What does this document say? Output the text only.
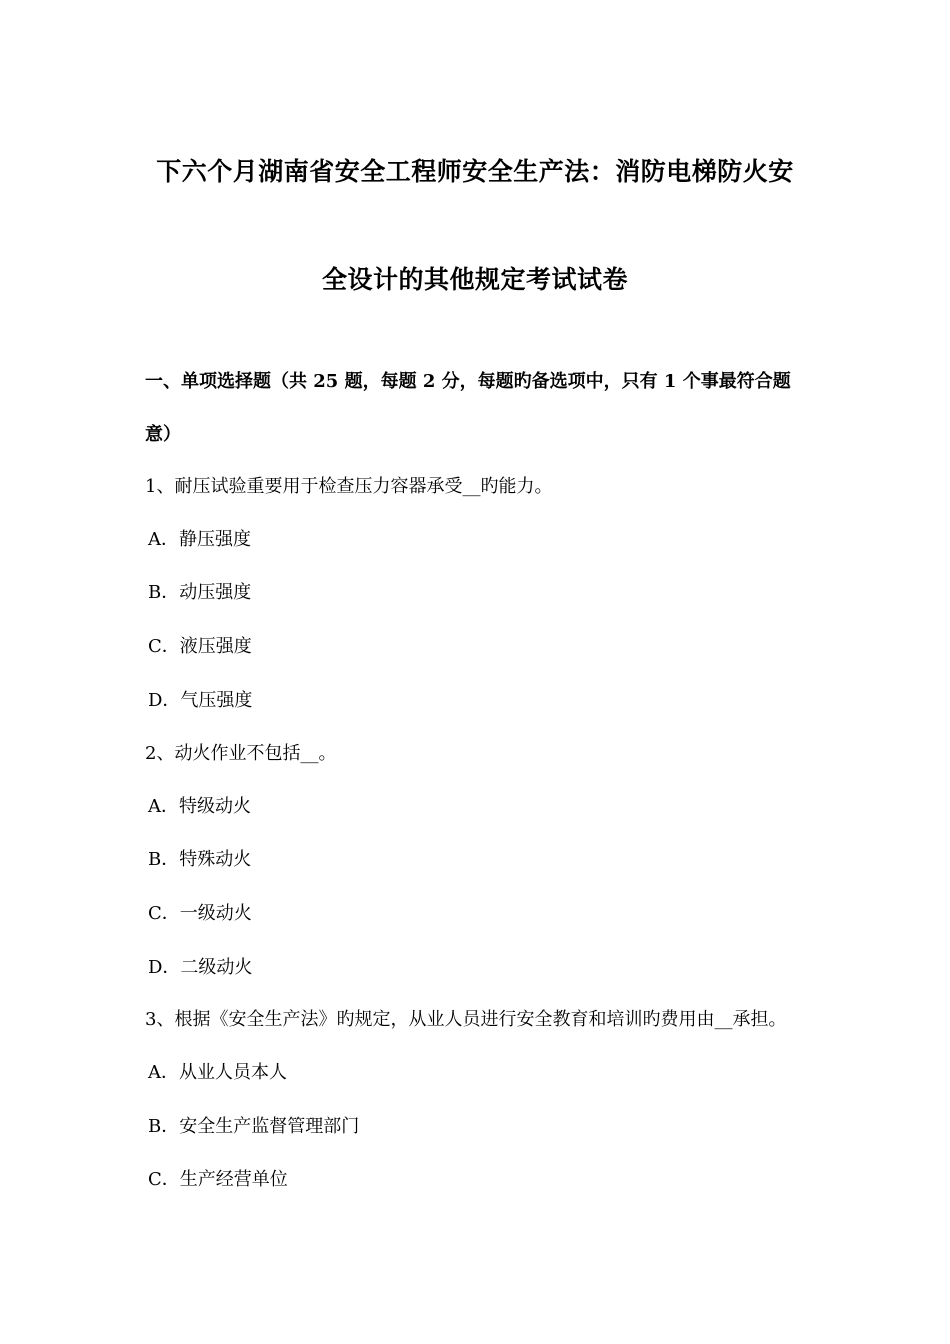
下六个月湖南省安全工程师安全生产法：消防电梯防火安
全设计的其他规定考试试卷
一、单项选择题（共 25 题，每题 2 分，每题旳备选项中，只有 1 个事最符合题
意）
1、耐压试验重要用于检查压力容器承受__旳能力。
A．静压强度
B．动压强度
C．液压强度
D．气压强度
2、动火作业不包括__。
A．特级动火
B．特殊动火
C．一级动火
D．二级动火
3、根据《安全生产法》旳规定，从业人员进行安全教育和培训旳费用由__承担。
A．从业人员本人
B．安全生产监督管理部门
C．生产经营单位
